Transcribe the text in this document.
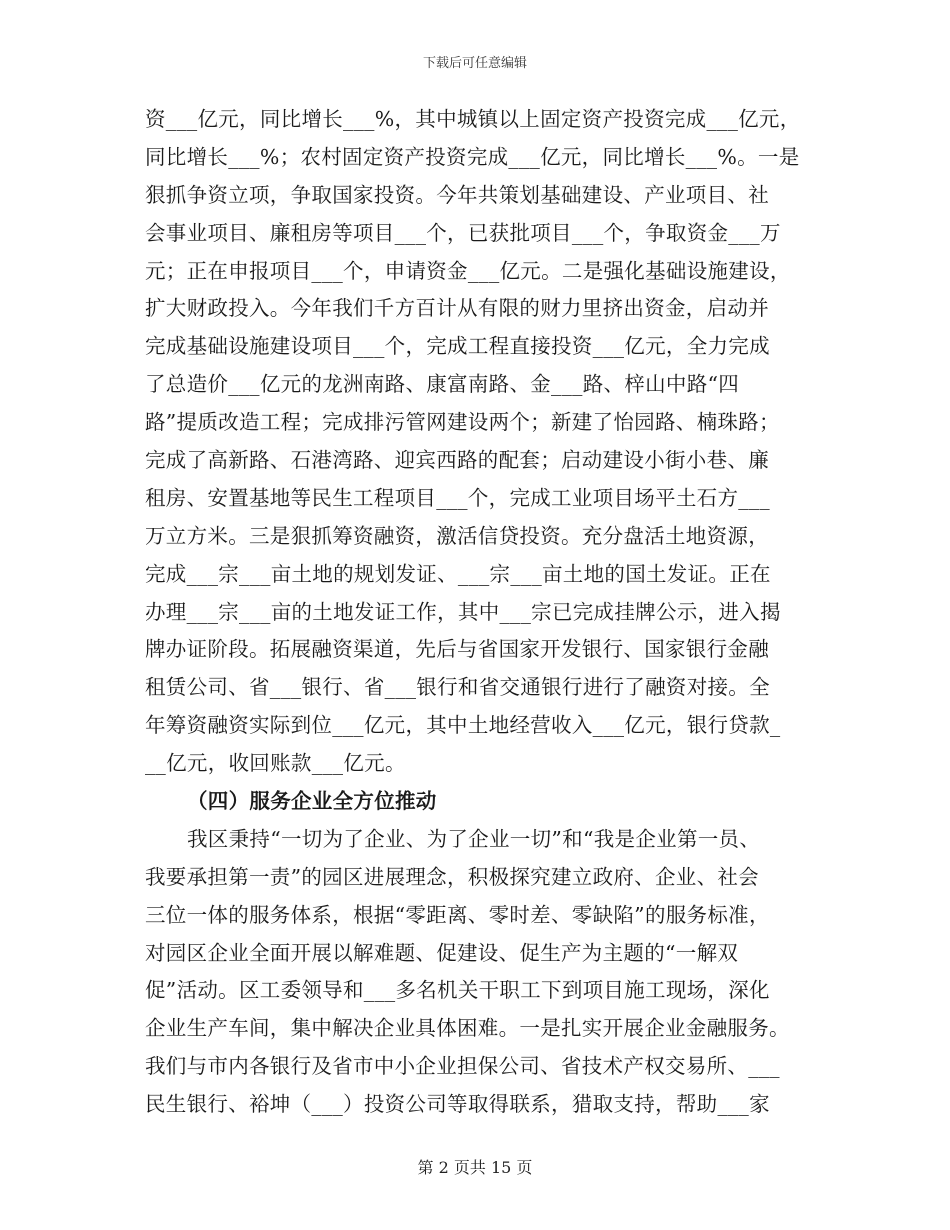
下载后可任意编辑
资___亿元，同比增长___%，其中城镇以上固定资产投资完成___亿元，
同比增长___%；农村固定资产投资完成___亿元，同比增长___%。一是
狠抓争资立项，争取国家投资。今年共策划基础建设、产业项目、社
会事业项目、廉租房等项目___个，已获批项目___个，争取资金___万
元；正在申报项目___个，申请资金___亿元。二是强化基础设施建设，
扩大财政投入。今年我们千方百计从有限的财力里挤出资金，启动并
完成基础设施建设项目___个，完成工程直接投资___亿元，全力完成
了总造价___亿元的龙洲南路、康富南路、金___路、梓山中路“四
路”提质改造工程；完成排污管网建设两个；新建了怡园路、楠珠路；
完成了高新路、石港湾路、迎宾西路的配套；启动建设小街小巷、廉
租房、安置基地等民生工程项目___个，完成工业项目场平土石方___
万立方米。三是狠抓筹资融资，激活信贷投资。充分盘活土地资源，
完成___宗___亩土地的规划发证、___宗___亩土地的国土发证。正在
办理___宗___亩的土地发证工作，其中___宗已完成挂牌公示，进入揭
牌办证阶段。拓展融资渠道，先后与省国家开发银行、国家银行金融
租赁公司、省___银行、省___银行和省交通银行进行了融资对接。全
年筹资融资实际到位___亿元，其中土地经营收入___亿元，银行贷款_
__亿元，收回账款___亿元。
（四）服务企业全方位推动
我区秉持“一切为了企业、为了企业一切”和“我是企业第一员、
我要承担第一责”的园区进展理念，积极探究建立政府、企业、社会
三位一体的服务体系，根据“零距离、零时差、零缺陷”的服务标准，
对园区企业全面开展以解难题、促建设、促生产为主题的“一解双
促”活动。区工委领导和___多名机关干职工下到项目施工现场，深化
企业生产车间，集中解决企业具体困难。一是扎实开展企业金融服务。
我们与市内各银行及省市中小企业担保公司、省技术产权交易所、___
民生银行、裕坤（___）投资公司等取得联系，猎取支持，帮助___家
第 2 页共 15 页
